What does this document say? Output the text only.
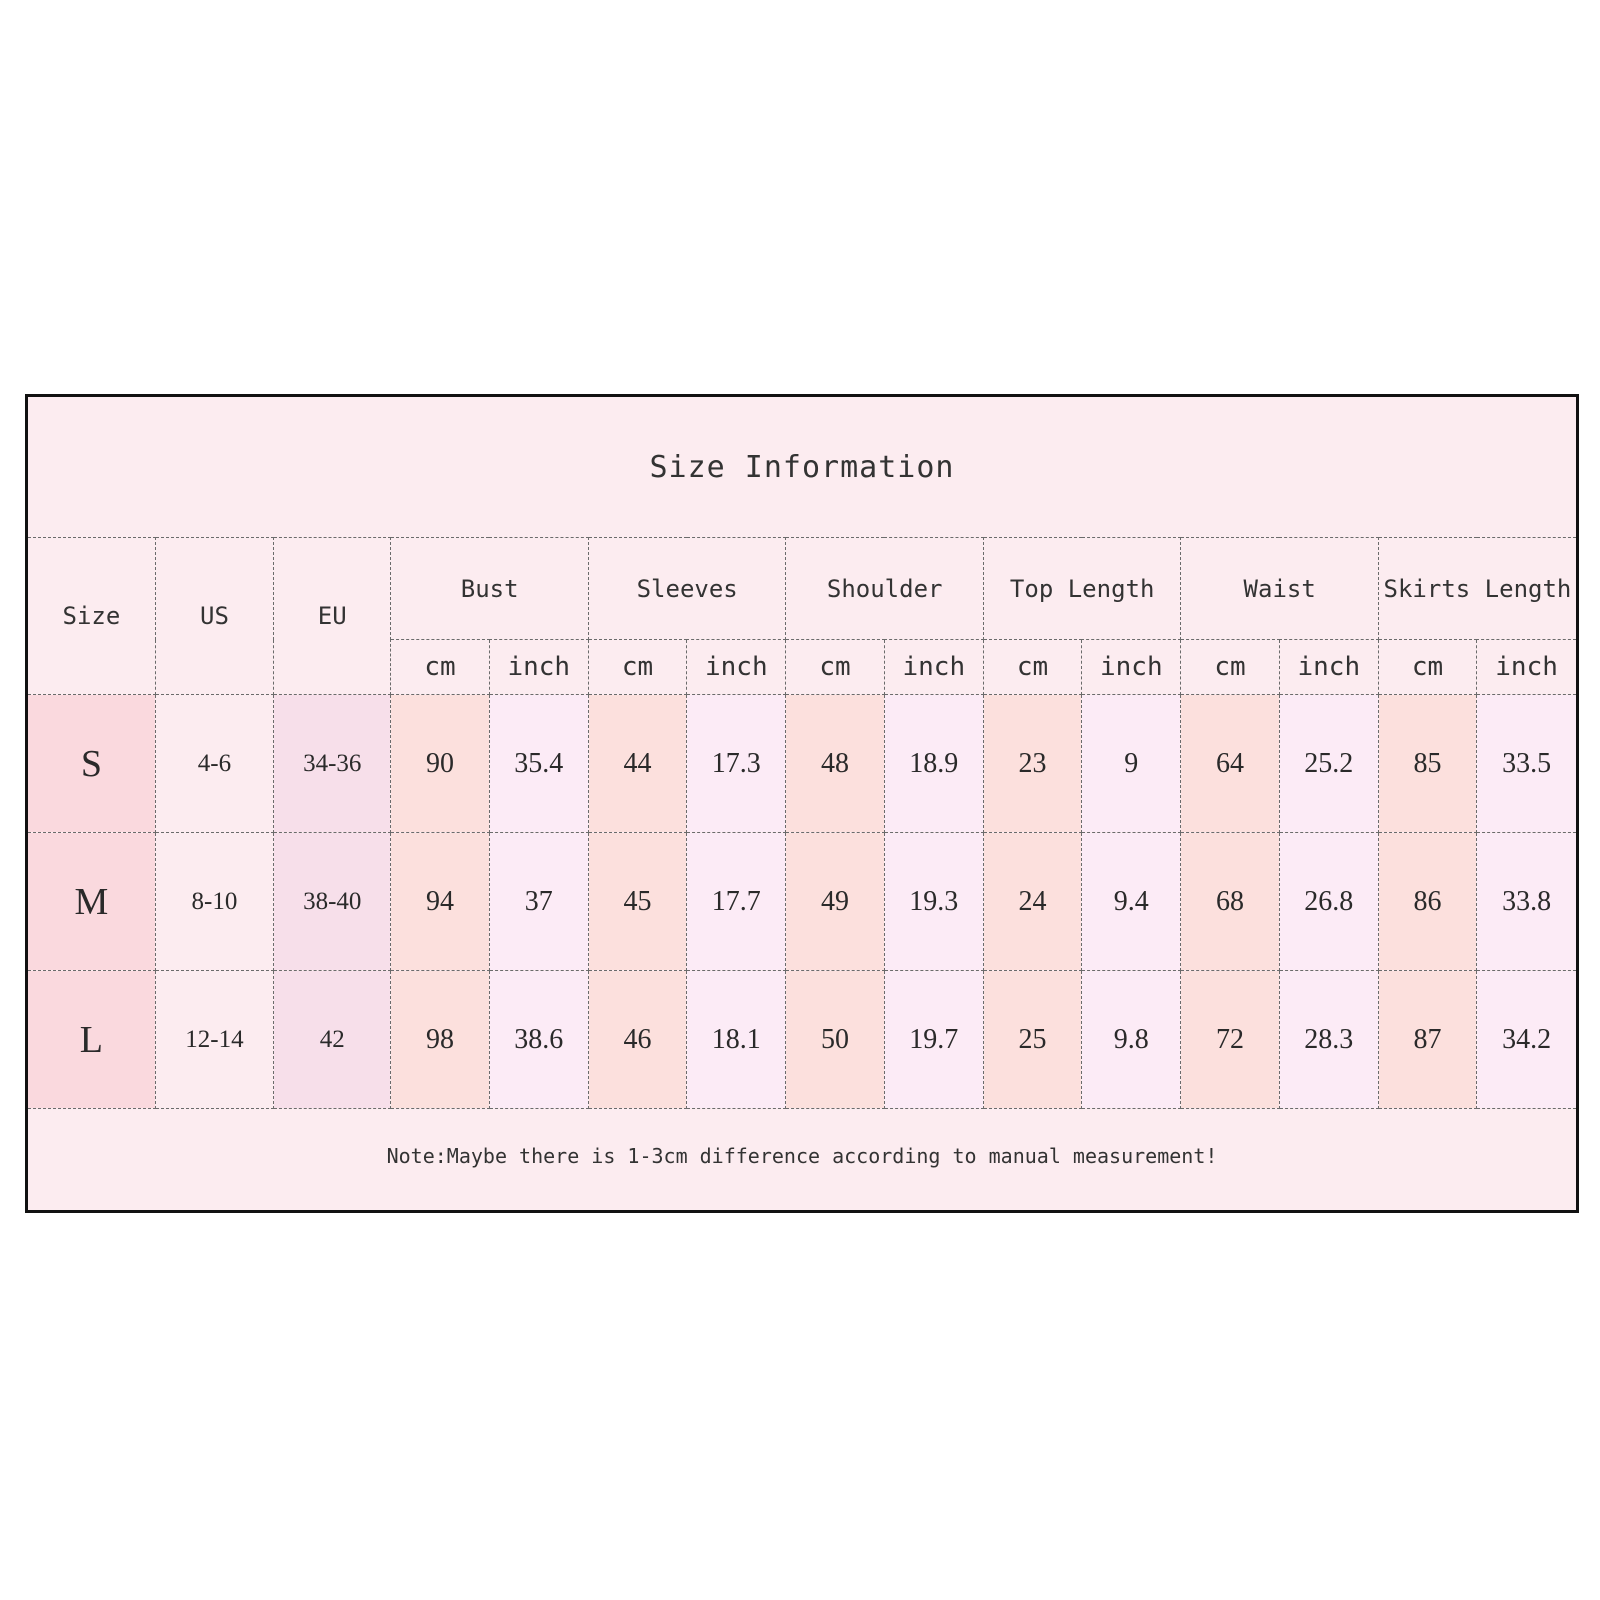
Size Information
Size	US	EU	Bust		Sleeves		Shoulder		Top Length		Waist		Skirts Length	
			cm	inch	cm	inch	cm	inch	cm	inch	cm	inch	cm	inch
S	4-6	34-36	90	35.4	44	17.3	48	18.9	23	9	64	25.2	85	33.5
M	8-10	38-40	94	37	45	17.7	49	19.3	24	9.4	68	26.8	86	33.8
L	12-14	42	98	38.6	46	18.1	50	19.7	25	9.8	72	28.3	87	34.2
Note:Maybe there is 1-3cm difference according to manual measurement!
